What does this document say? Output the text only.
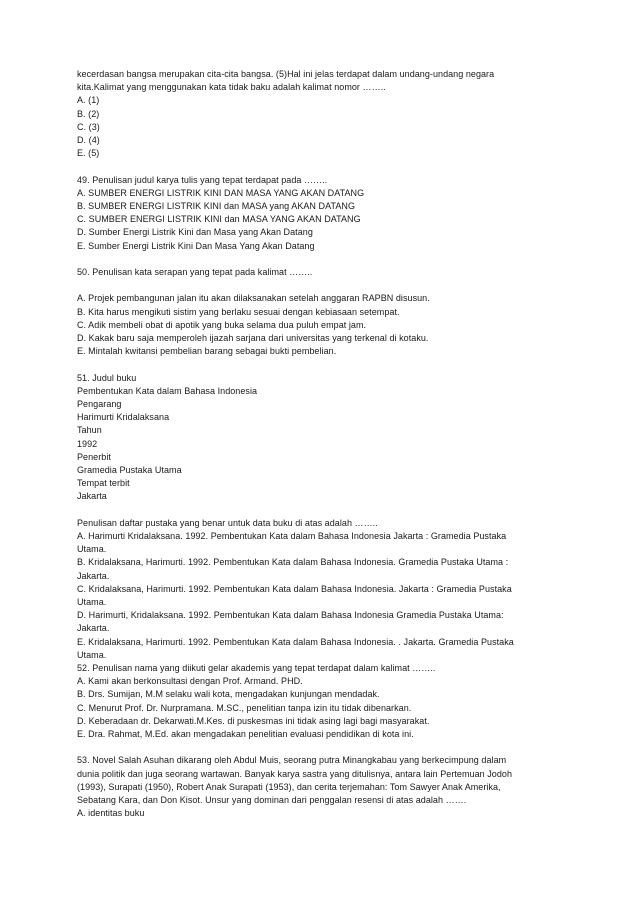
kecerdasan bangsa merupakan cita-cita bangsa. (5)Hal ini jelas terdapat dalam undang-undang negara
kita.Kalimat yang menggunakan kata tidak baku adalah kalimat nomor ……..
A. (1)
B. (2)
C. (3)
D. (4)
E. (5)
49. Penulisan judul karya tulis yang tepat terdapat pada ……..
A. SUMBER ENERGI LISTRIK KINI DAN MASA YANG AKAN DATANG
B. SUMBER ENERGI LISTRIK KINI dan MASA yang AKAN DATANG
C. SUMBER ENERGI LISTRIK KINI dan MASA YANG AKAN DATANG
D. Sumber Energi Listrik Kini dan Masa yang Akan Datang
E. Sumber Energi Listrik Kini Dan Masa Yang Akan Datang
50. Penulisan kata serapan yang tepat pada kalimat ……..
A. Projek pembangunan jalan itu akan dilaksanakan setelah anggaran RAPBN disusun.
B. Kita harus mengikuti sistim yang berlaku sesuai dengan kebiasaan setempat.
C. Adik membeli obat di apotik yang buka selama dua puluh empat jam.
D. Kakak baru saja memperoleh ijazah sarjana dari universitas yang terkenal di kotaku.
E. Mintalah kwitansi pembelian barang sebagai bukti pembelian.
51. Judul buku
Pembentukan Kata dalam Bahasa Indonesia
Pengarang
Harimurti Kridalaksana
Tahun
1992
Penerbit
Gramedia Pustaka Utama
Tempat terbit
Jakarta
Penulisan daftar pustaka yang benar untuk data buku di atas adalah ……..
A. Harimurti Kridalaksana. 1992. Pembentukan Kata dalam Bahasa Indonesia Jakarta : Gramedia Pustaka
Utama.
B. Kridalaksana, Harimurti. 1992. Pembentukan Kata dalam Bahasa Indonesia. Gramedia Pustaka Utama :
Jakarta.
C. Kridalaksana, Harimurti. 1992. Pembentukan Kata dalam Bahasa Indonesia. Jakarta : Gramedia Pustaka
Utama.
D. Harimurti, Kridalaksana. 1992. Pembentukan Kata dalam Bahasa Indonesia Gramedia Pustaka Utama:
Jakarta.
E. Kridalaksana, Harimurti. 1992. Pembentukan Kata dalam Bahasa Indonesia. . Jakarta. Gramedia Pustaka
Utama.
52. Penulisan nama yang diikuti gelar akademis yang tepat terdapat dalam kalimat ……..
A. Kami akan berkonsultasi dengan Prof. Armand. PHD.
B. Drs. Sumijan, M.M selaku wali kota, mengadakan kunjungan mendadak.
C. Menurut Prof. Dr. Nurpramana. M.SC., penelitian tanpa izin itu tidak dibenarkan.
D. Keberadaan dr. Dekarwati.M.Kes. di puskesmas ini tidak asing lagi bagi masyarakat.
E. Dra. Rahmat, M.Ed. akan mengadakan penelitian evaluasi pendidikan di kota ini.
53. Novel Salah Asuhan dikarang oleh Abdul Muis, seorang putra Minangkabau yang berkecimpung dalam
dunia politik dan juga seorang wartawan. Banyak karya sastra yang ditulisnya, antara lain Pertemuan Jodoh
(1993), Surapati (1950), Robert Anak Surapati (1953), dan cerita terjemahan: Tom Sawyer Anak Amerika,
Sebatang Kara, dan Don Kisot. Unsur yang dominan dari penggalan resensi di atas adalah …….
A. identitas buku
